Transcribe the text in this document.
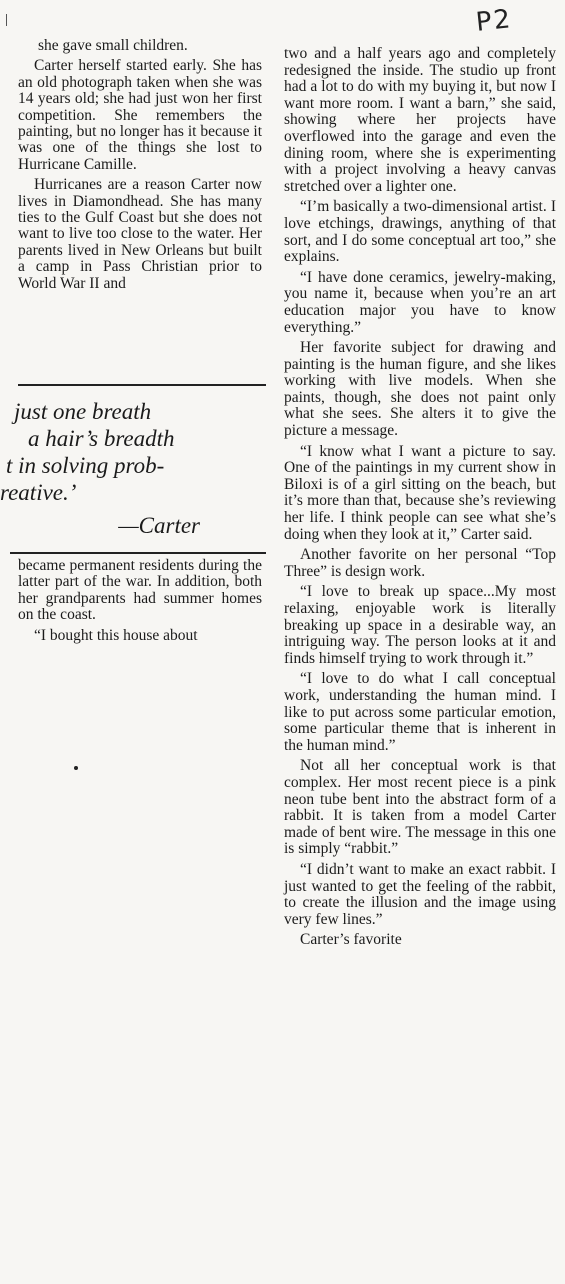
P2

she gave small children.

Carter herself started early. She has an old photograph taken when she was 14 years old; she had just won her first competition. She remembers the painting, but no longer has it because it was one of the things she lost to Hurricane Camille.

Hurricanes are a reason Carter now lives in Diamondhead. She has many ties to the Gulf Coast but she does not want to live too close to the water. Her parents lived in New Orleans but built a camp in Pass Christian prior to World War II and

just one breath
a hair’s breadth
t in solving prob-
reative.’
—Carter

became permanent residents during the latter part of the war. In addition, both her grandparents had summer homes on the coast.

“I bought this house about

two and a half years ago and completely redesigned the inside. The studio up front had a lot to do with my buying it, but now I want more room. I want a barn,” she said, showing where her projects have overflowed into the garage and even the dining room, where she is experimenting with a project involving a heavy canvas stretched over a lighter one.

“I’m basically a two-dimensional artist. I love etchings, drawings, anything of that sort, and I do some conceptual art too,” she explains.

“I have done ceramics, jewelry-making, you name it, because when you’re an art education major you have to know everything.”

Her favorite subject for drawing and painting is the human figure, and she likes working with live models. When she paints, though, she does not paint only what she sees. She alters it to give the picture a message.

“I know what I want a picture to say. One of the paintings in my current show in Biloxi is of a girl sitting on the beach, but it’s more than that, because she’s reviewing her life. I think people can see what she’s doing when they look at it,” Carter said.

Another favorite on her personal “Top Three” is design work.

“I love to break up space...My most relaxing, enjoyable work is literally breaking up space in a desirable way, an intriguing way. The person looks at it and finds himself trying to work through it.”

“I love to do what I call conceptual work, understanding the human mind. I like to put across some particular emotion, some particular theme that is inherent in the human mind.”

Not all her conceptual work is that complex. Her most recent piece is a pink neon tube bent into the abstract form of a rabbit. It is taken from a model Carter made of bent wire. The message in this one is simply “rabbit.”

“I didn’t want to make an exact rabbit. I just wanted to get the feeling of the rabbit, to create the illusion and the image using very few lines.”

Carter’s favorite
